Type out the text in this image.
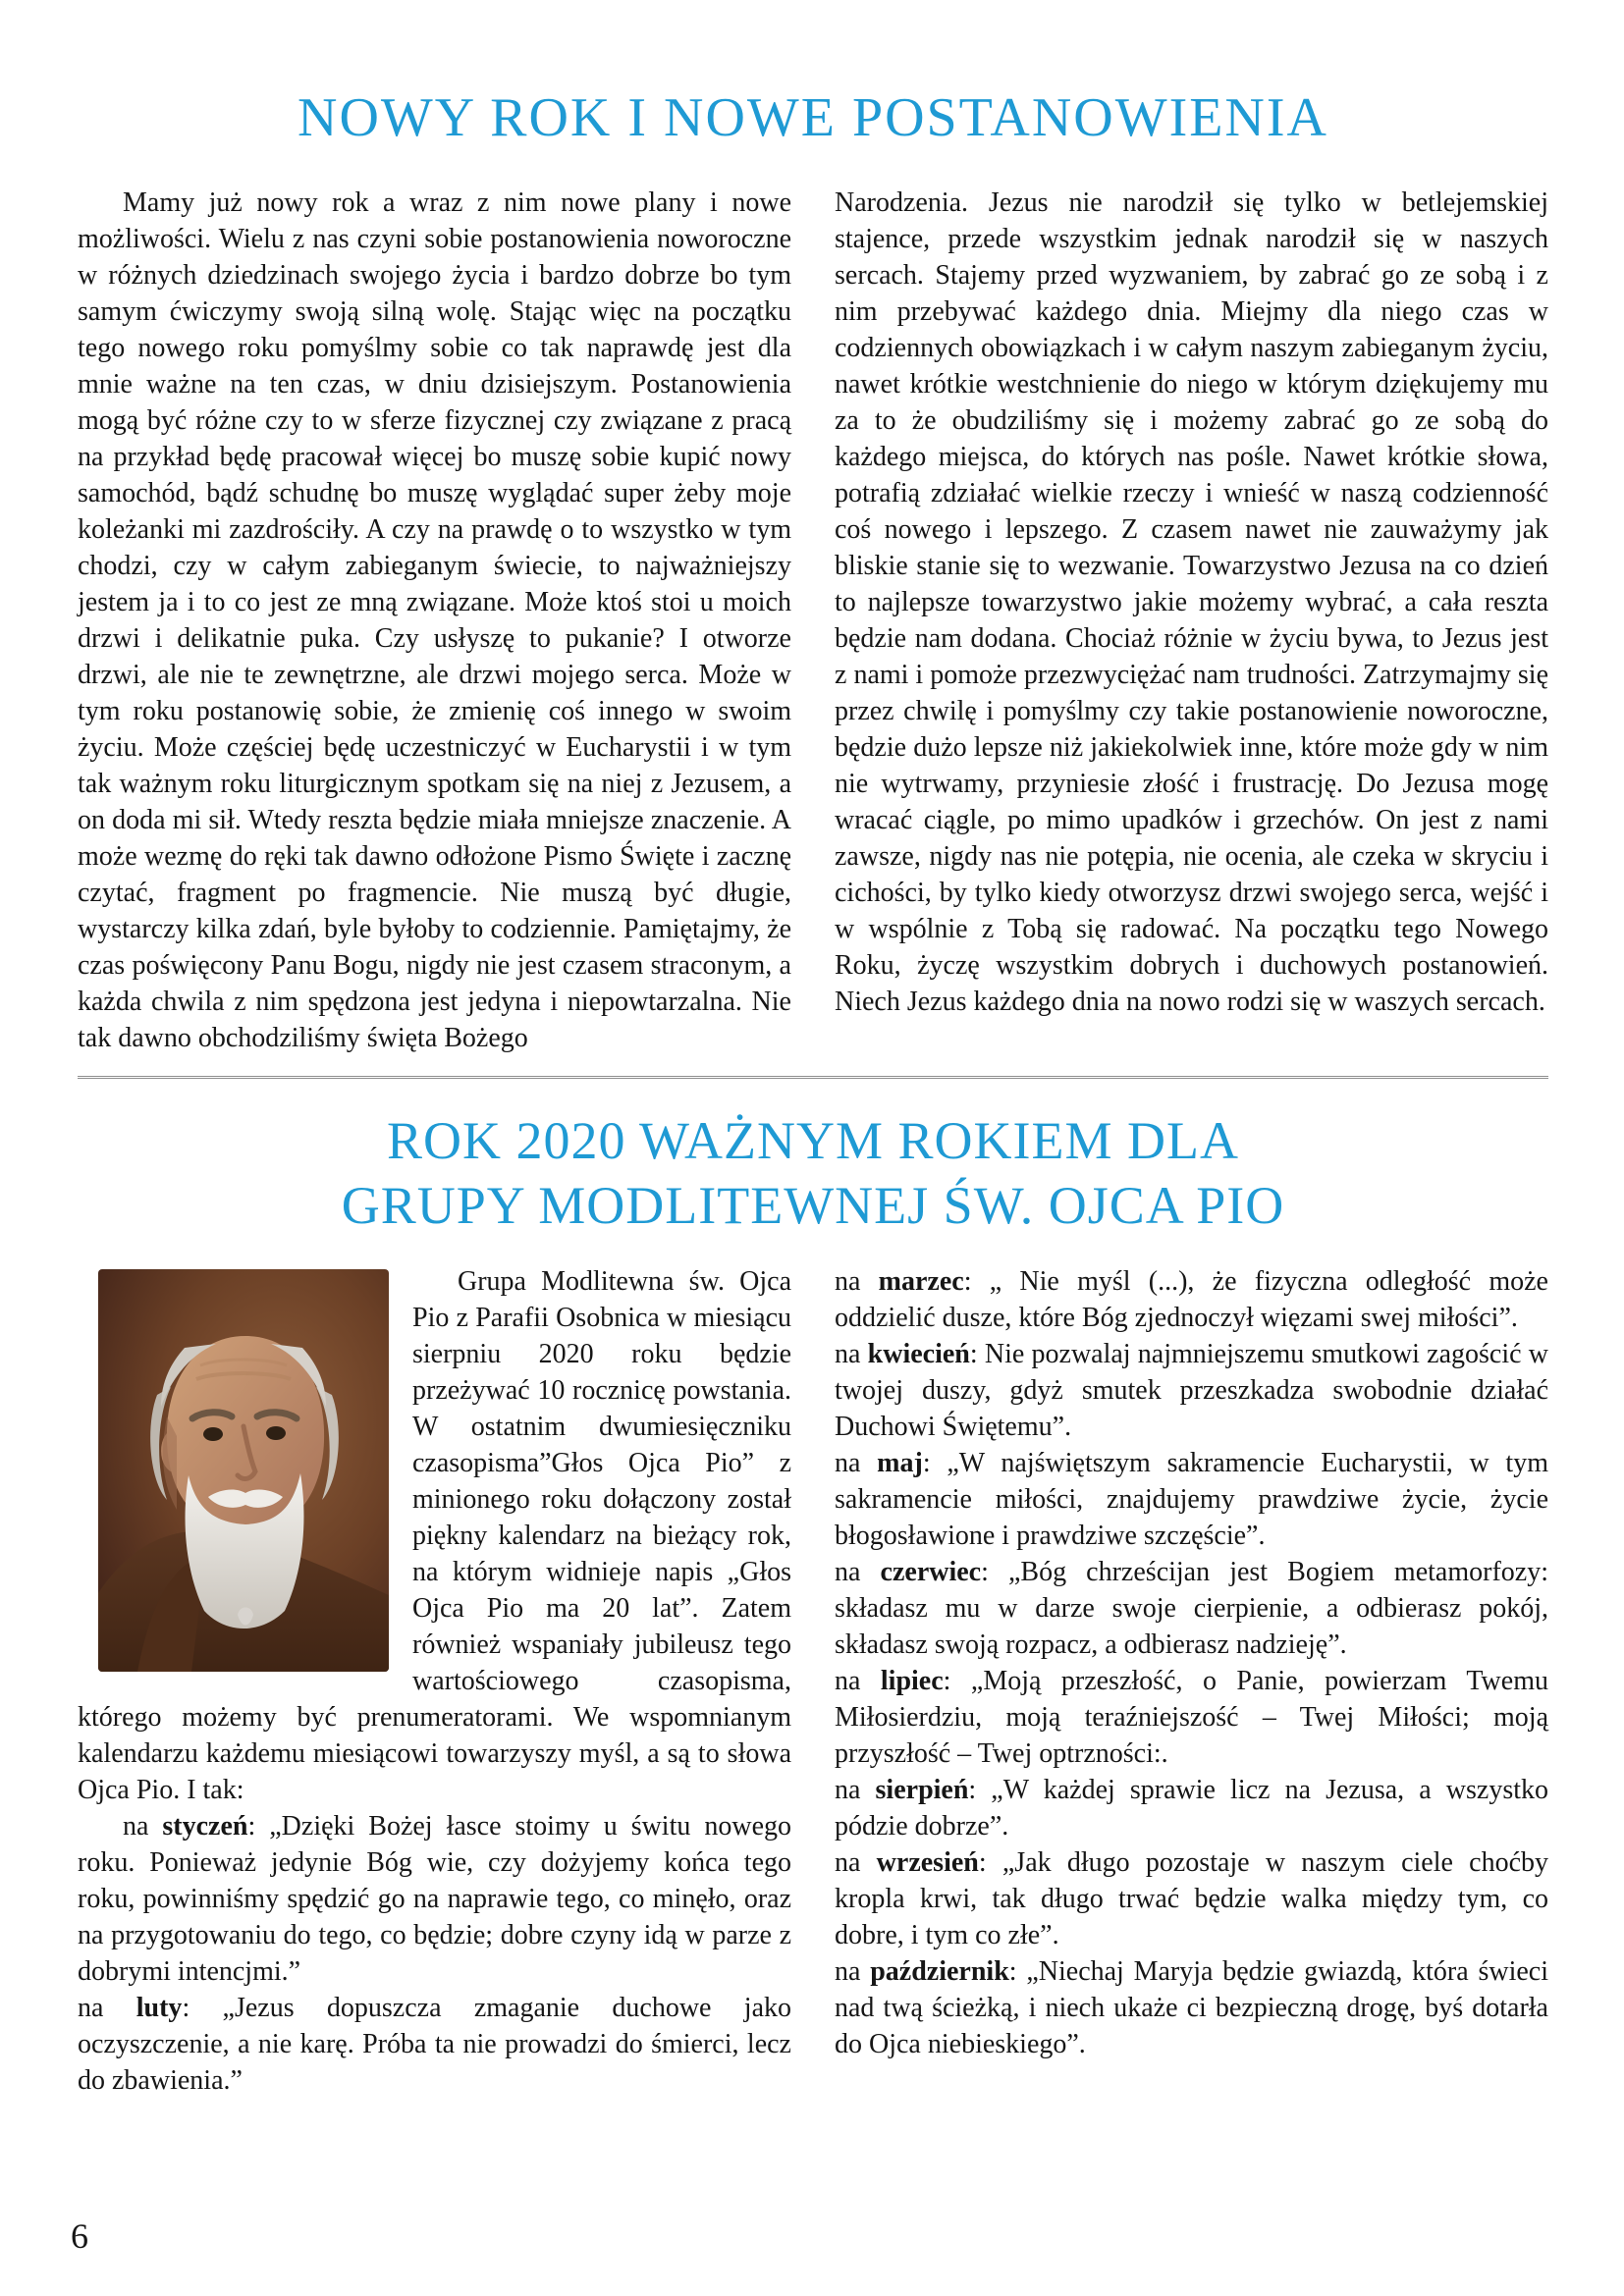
NOWY ROK I NOWE POSTANOWIENIA

Mamy już nowy rok a wraz z nim nowe plany i nowe możliwości. Wielu z nas czyni sobie postanowienia noworoczne w różnych dziedzinach swojego życia i bardzo dobrze bo tym samym ćwiczymy swoją silną wolę. Stając więc na początku tego nowego roku pomyślmy sobie co tak naprawdę jest dla mnie ważne na ten czas, w dniu dzisiejszym. Postanowienia mogą być różne czy to w sferze fizycznej czy związane z pracą na przykład będę pracował więcej bo muszę sobie kupić nowy samochód, bądź schudnę bo muszę wyglądać super żeby moje koleżanki mi zazdrościły. A czy na prawdę o to wszystko w tym chodzi, czy w całym zabieganym świecie, to najważniejszy jestem ja i to co jest ze mną związane. Może ktoś stoi u moich drzwi i delikatnie puka. Czy usłyszę to pukanie? I otworze drzwi, ale nie te zewnętrzne, ale drzwi mojego serca. Może w tym roku postanowię sobie, że zmienię coś innego w swoim życiu. Może częściej będę uczestniczyć w Eucharystii i w tym tak ważnym roku liturgicznym spotkam się na niej z Jezusem, a on doda mi sił. Wtedy reszta będzie miała mniejsze znaczenie. A może wezmę do ręki tak dawno odłożone Pismo Święte i zacznę czytać, fragment po fragmencie. Nie muszą być długie, wystarczy kilka zdań, byle byłoby to codziennie. Pamiętajmy, że czas poświęcony Panu Bogu, nigdy nie jest czasem straconym, a każda chwila z nim spędzona jest jedyna i niepowtarzalna. Nie tak dawno obchodziliśmy święta Bożego

Narodzenia. Jezus nie narodził się tylko w betlejemskiej stajence, przede wszystkim jednak narodził się w naszych sercach. Stajemy przed wyzwaniem, by zabrać go ze sobą i z nim przebywać każdego dnia. Miejmy dla niego czas w codziennych obowiązkach i w całym naszym zabieganym życiu, nawet krótkie westchnienie do niego w którym dziękujemy mu za to że obudziliśmy się i możemy zabrać go ze sobą do każdego miejsca, do których nas pośle. Nawet krótkie słowa, potrafią zdziałać wielkie rzeczy i wnieść w naszą codzienność coś nowego i lepszego. Z czasem nawet nie zauważymy jak bliskie stanie się to wezwanie. Towarzystwo Jezusa na co dzień to najlepsze towarzystwo jakie możemy wybrać, a cała reszta będzie nam dodana. Chociaż różnie w życiu bywa, to Jezus jest z nami i pomoże przezwyciężać nam trudności. Zatrzymajmy się przez chwilę i pomyślmy czy takie postanowienie noworoczne, będzie dużo lepsze niż jakiekolwiek inne, które może gdy w nim nie wytrwamy, przyniesie złość i frustrację. Do Jezusa mogę wracać ciągle, po mimo upadków i grzechów. On jest z nami zawsze, nigdy nas nie potępia, nie ocenia, ale czeka w skryciu i cichości, by tylko kiedy otworzysz drzwi swojego serca, wejść i w wspólnie z Tobą się radować. Na początku tego Nowego Roku, życzę wszystkim dobrych i duchowych postanowień. Niech Jezus każdego dnia na nowo rodzi się w waszych sercach.

ROK 2020 WAŻNYM ROKIEM DLA
GRUPY MODLITEWNEJ ŚW. OJCA PIO

Grupa Modlitewna św. Ojca Pio z Parafii Osobnica w miesiącu sierpniu 2020 roku będzie przeżywać 10 rocznicę powstania. W ostatnim dwumiesięczniku czasopisma”Głos Ojca Pio” z minionego roku dołączony został piękny kalendarz na bieżący rok, na którym widnieje napis „Głos Ojca Pio ma 20 lat”. Zatem również wspaniały jubileusz tego wartościowego czasopisma, którego możemy być prenumeratorami. We wspomnianym kalendarzu każdemu miesiącowi towarzyszy myśl, a są to słowa Ojca Pio. I tak:

na styczeń: „Dzięki Bożej łasce stoimy u świtu nowego roku. Ponieważ jedynie Bóg wie, czy dożyjemy końca tego roku, powinniśmy spędzić go na naprawie tego, co minęło, oraz na przygotowaniu do tego, co będzie; dobre czyny idą w parze z dobrymi intencjmi.”

na luty: „Jezus dopuszcza zmaganie duchowe jako oczyszczenie, a nie karę. Próba ta nie prowadzi do śmierci, lecz do zbawienia.”

na marzec: „ Nie myśl (...), że fizyczna odległość może oddzielić dusze, które Bóg zjednoczył więzami swej miłości”.

na kwiecień: Nie pozwalaj najmniejszemu smutkowi zagościć w twojej duszy, gdyż smutek przeszkadza swobodnie działać Duchowi Świętemu”.

na maj: „W najświętszym sakramencie Eucharystii, w tym sakramencie miłości, znajdujemy prawdziwe życie, życie błogosławione i prawdziwe szczęście”.

na czerwiec: „Bóg chrześcijan jest Bogiem metamorfozy: składasz mu w darze swoje cierpienie, a odbierasz pokój, składasz swoją rozpacz, a odbierasz nadzieję”.

na lipiec: „Moją przeszłość, o Panie, powierzam Twemu Miłosierdziu, moją teraźniejszość – Twej Miłości; moją przyszłość – Twej optrzności:.

na sierpień: „W każdej sprawie licz na Jezusa, a wszystko pódzie dobrze”.

na wrzesień: „Jak długo pozostaje w naszym ciele choćby kropla krwi, tak długo trwać będzie walka między tym, co dobre, i tym co złe”.

na październik: „Niechaj Maryja będzie gwiazdą, która świeci nad twą ścieżką, i niech ukaże ci bezpieczną drogę, byś dotarła do Ojca niebieskiego”.

6
